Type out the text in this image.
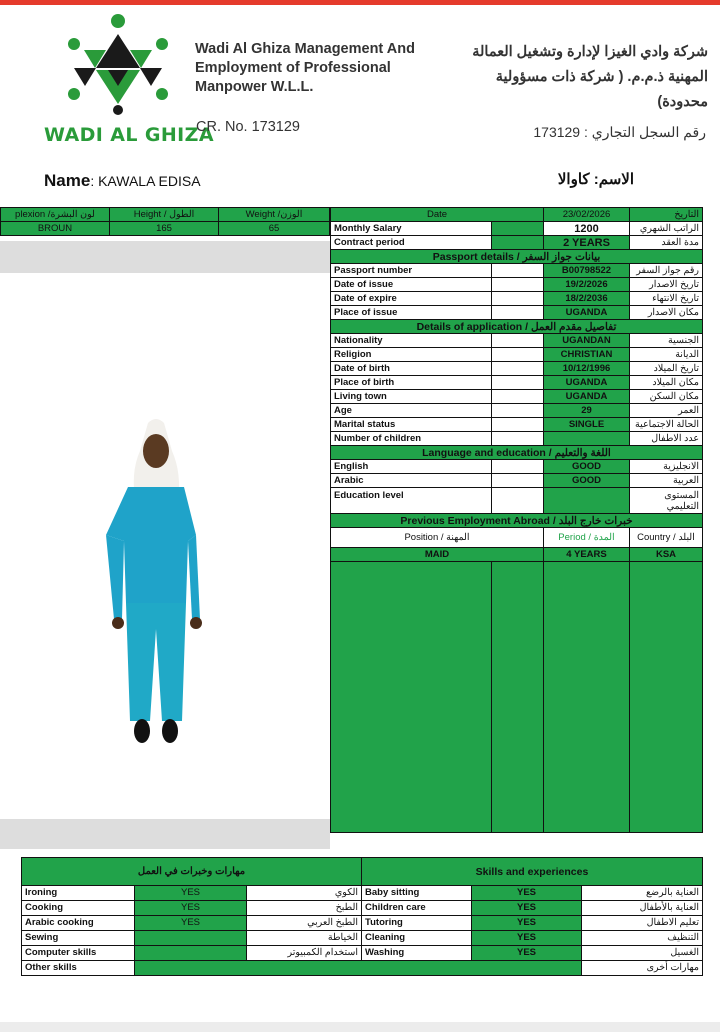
WADI AL GHIZA
Wadi Al Ghiza Management And
Employment of Professional
Manpower W.L.L.
CR. No. 173129
شركة وادي الغيزا لإدارة وتشغيل العمالة
المهنية ذ.م.م. ( شركة ذات مسؤولية
محدودة)
رقم السجل التجاري : 173129
Name: KAWALA EDISA	الاسم: كاوالا
plexion /لون البشرة	Height / الطول	Weight /الوزن
BROUN	165	65
Date		23/02/2026	التاريخ
Monthly Salary		1200	الراتب الشهري
Contract period		2 YEARS	مدة العقد
Passport details / بيانات جواز السفر			
Passport number		B00798522	رقم جواز السفر
Date of issue		19/2/2026	تاريخ الاصدار
Date of expire		18/2/2036	تاريخ الانتهاء
Place of issue		UGANDA	مكان الاصدار
Details of application / تفاصيل مقدم العمل			
Nationality		UGANDAN	الجنسية
Religion		CHRISTIAN	الديانة
Date of birth		10/12/1996	تاريخ الميلاد
Place of birth		UGANDA	مكان الميلاد
Living town		UGANDA	مكان السكن
Age		29	العمر
Marital status		SINGLE	الحالة الاجتماعية
Number of children			عدد الاطفال
Language and education / اللغة والتعليم			
English		GOOD	الانجليزية
Arabic		GOOD	العربية
Education level			المستوى
التعليمي

Previous Employment Abroad / خبرات خارج البلد			
Position / المهنة		Period / المدة	Country / البلد
MAID		4 YEARS	KSA

مهارات وخبرات في العمل			Skills and experiences		
Ironing	YES	الكوي	Baby sitting	YES	العناية بالرضع
Cooking	YES	الطبخ	Children care	YES	العناية بالأطفال
Arabic cooking	YES	الطبخ العربي	Tutoring	YES	تعليم الاطفال
Sewing		الخياطة	Cleaning	YES	التنظيف
Computer skills		استخدام الكمبيوتر	Washing	YES	الغسيل
Other skills					مهارات أخرى
